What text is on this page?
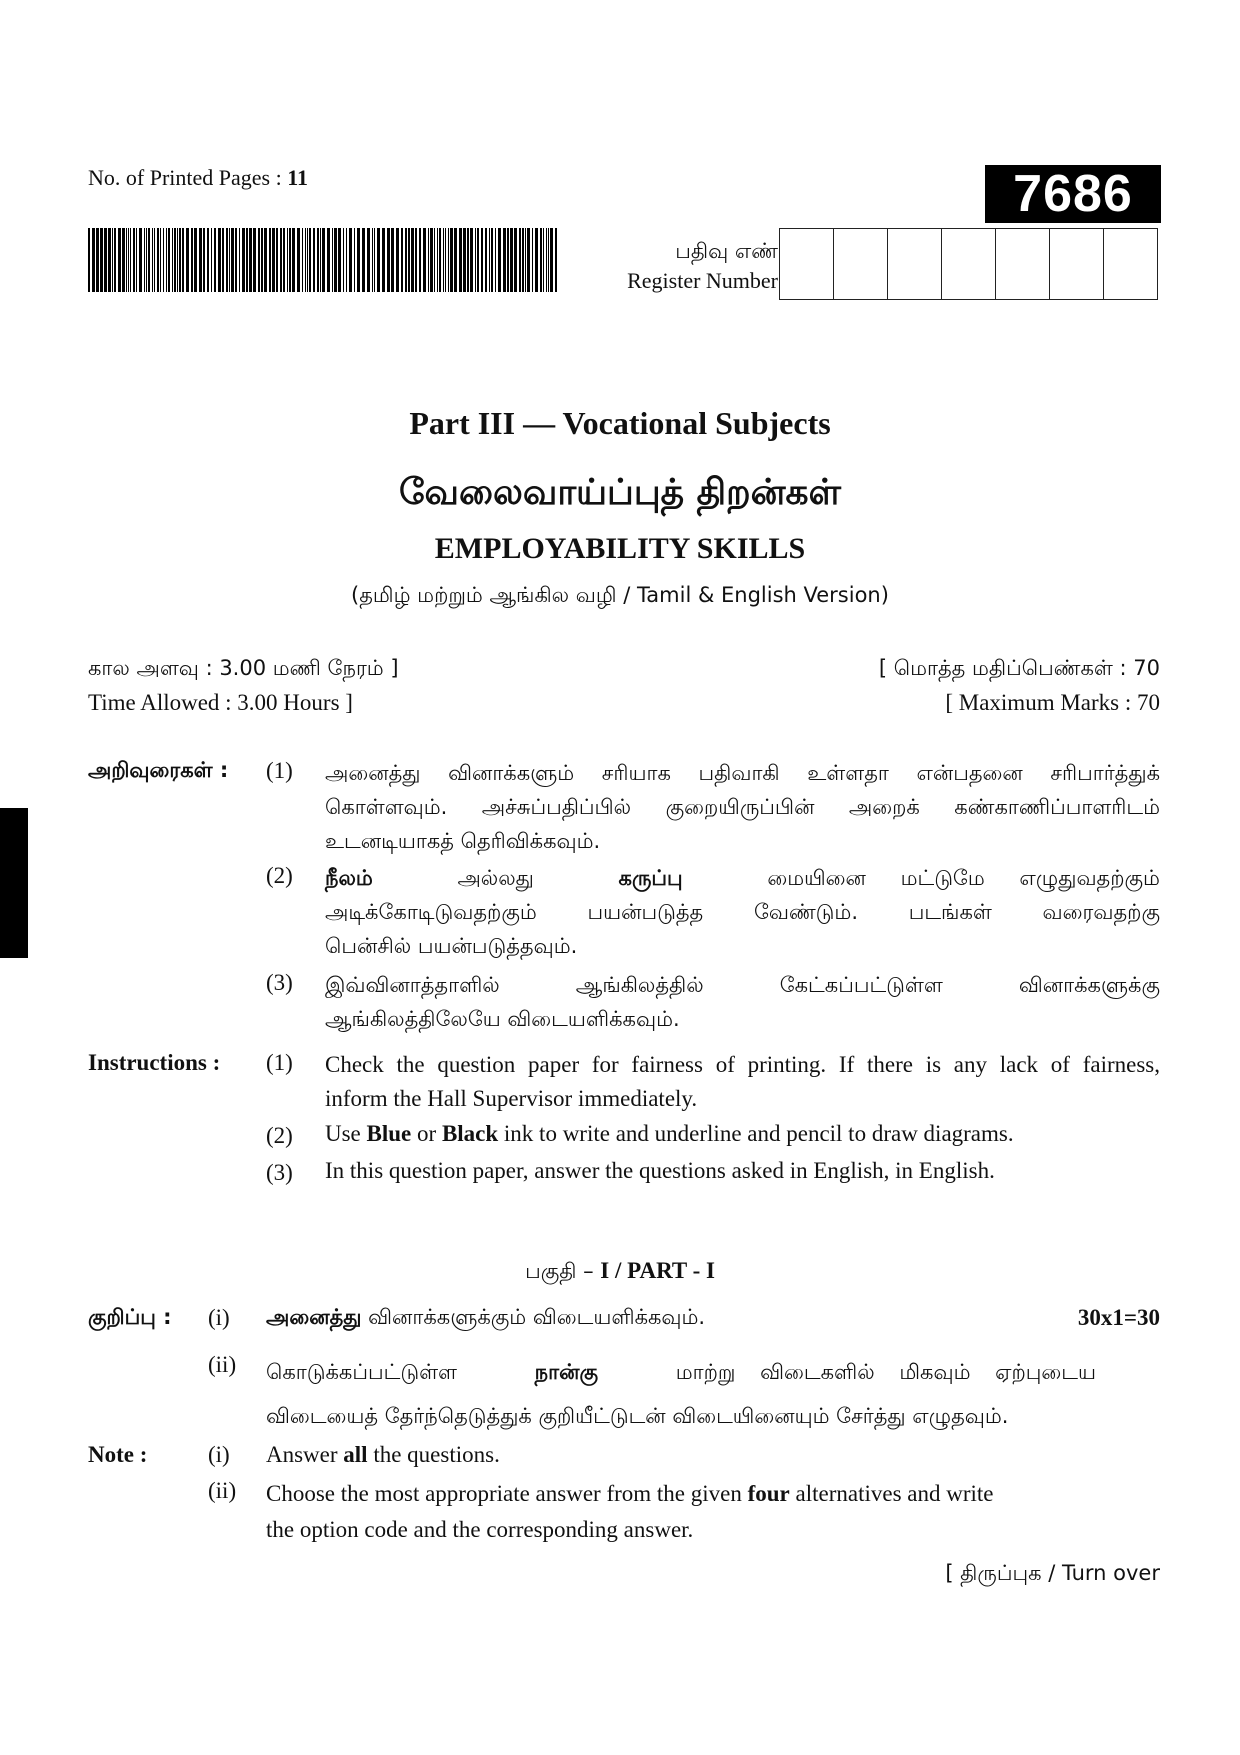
No. of Printed Pages : 11	7686
பதிவு எண்
Register Number
Part III — Vocational Subjects
வேலைவாய்ப்புத் திறன்கள்
EMPLOYABILITY SKILLS
(தமிழ் மற்றும் ஆங்கில வழி / Tamil & English Version)
கால அளவு : 3.00 மணி நேரம் ]
Time Allowed : 3.00 Hours ]
[ மொத்த மதிப்பெண்கள் : 70
[ Maximum Marks : 70
அறிவுரைகள் : (1) அனைத்து வினாக்களும் சரியாக பதிவாகி உள்ளதா என்பதனை சரிபார்த்துக்
கொள்ளவும். அச்சுப்பதிப்பில் குறையிருப்பின் அறைக் கண்காணிப்பாளரிடம்
உடனடியாகத் தெரிவிக்கவும்.
(2) நீலம்	அல்லது	கருப்பு	மையினை மட்டுமே எழுதுவதற்கும்
அடிக்கோடிடுவதற்கும் பயன்படுத்த வேண்டும். படங்கள் வரைவதற்கு
பென்சில் பயன்படுத்தவும்.
(3) இவ்வினாத்தாளில் ஆங்கிலத்தில் கேட்கப்பட்டுள்ள வினாக்களுக்கு
ஆங்கிலத்திலேயே விடையளிக்கவும்.
Instructions : (1) Check the question paper for fairness of printing. If there is any lack of fairness,
inform the Hall Supervisor immediately.
(2) Use Blue or Black ink to write and underline and pencil to draw diagrams.
(3) In this question paper, answer the questions asked in English, in English.
பகுதி – I / PART - I
குறிப்பு : (i) அனைத்து வினாக்களுக்கும் விடையளிக்கவும்.	30x1=30
(ii) கொடுக்கப்பட்டுள்ள	நான்கு	மாற்று விடைகளில் மிகவும் ஏற்புடைய
விடையைத் தேர்ந்தெடுத்துக் குறியீட்டுடன் விடையினையும் சேர்த்து எழுதவும்.
Note :	(i) Answer all the questions.
(ii) Choose the most appropriate answer from the given four alternatives and write
the option code and the corresponding answer.
[ திருப்புக / Turn over
